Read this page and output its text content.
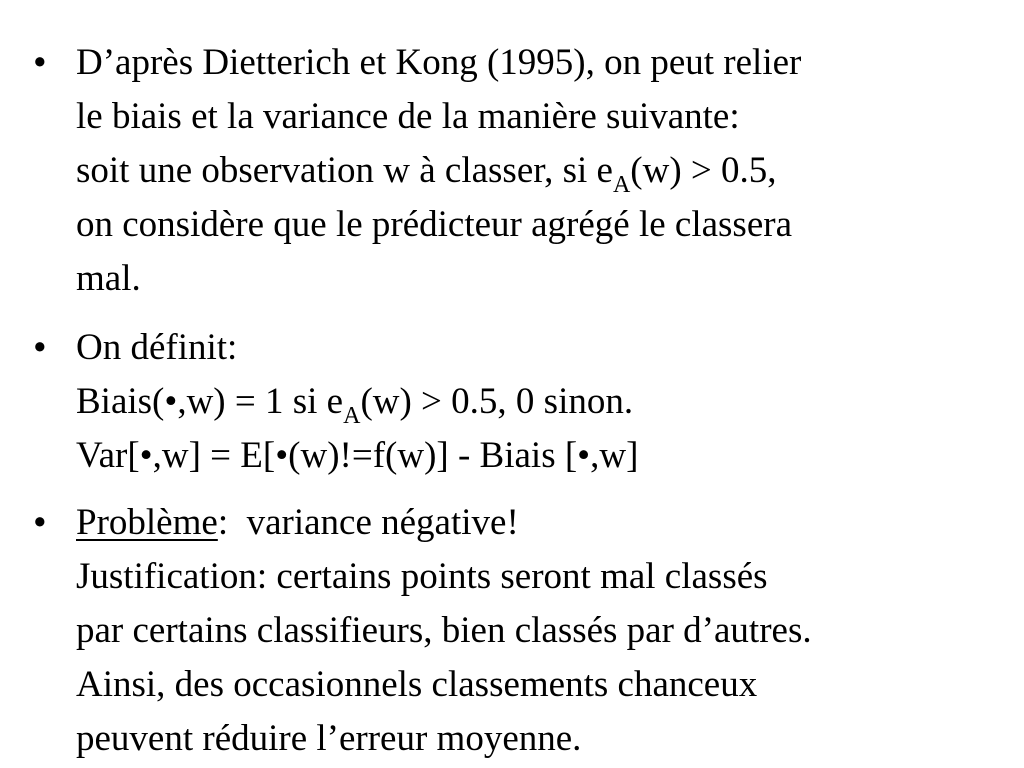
• D’après Dietterich et Kong (1995), on peut relier
le biais et la variance de la manière suivante:
soit une observation w à classer, si $e_A(w) > 0.5$,
on considère que le prédicteur agrégé le classera
mal.
• On définit:
Biais(•,w) = 1 si $e_A(w) > 0.5$, 0 sinon.
Var[•,w] = E[•(w)!=f(w)] - Biais [•,w]
• Problème:  variance négative!
Justification: certains points seront mal classés
par certains classifieurs, bien classés par d’autres.
Ainsi, des occasionnels classements chanceux
peuvent réduire l’erreur moyenne.
